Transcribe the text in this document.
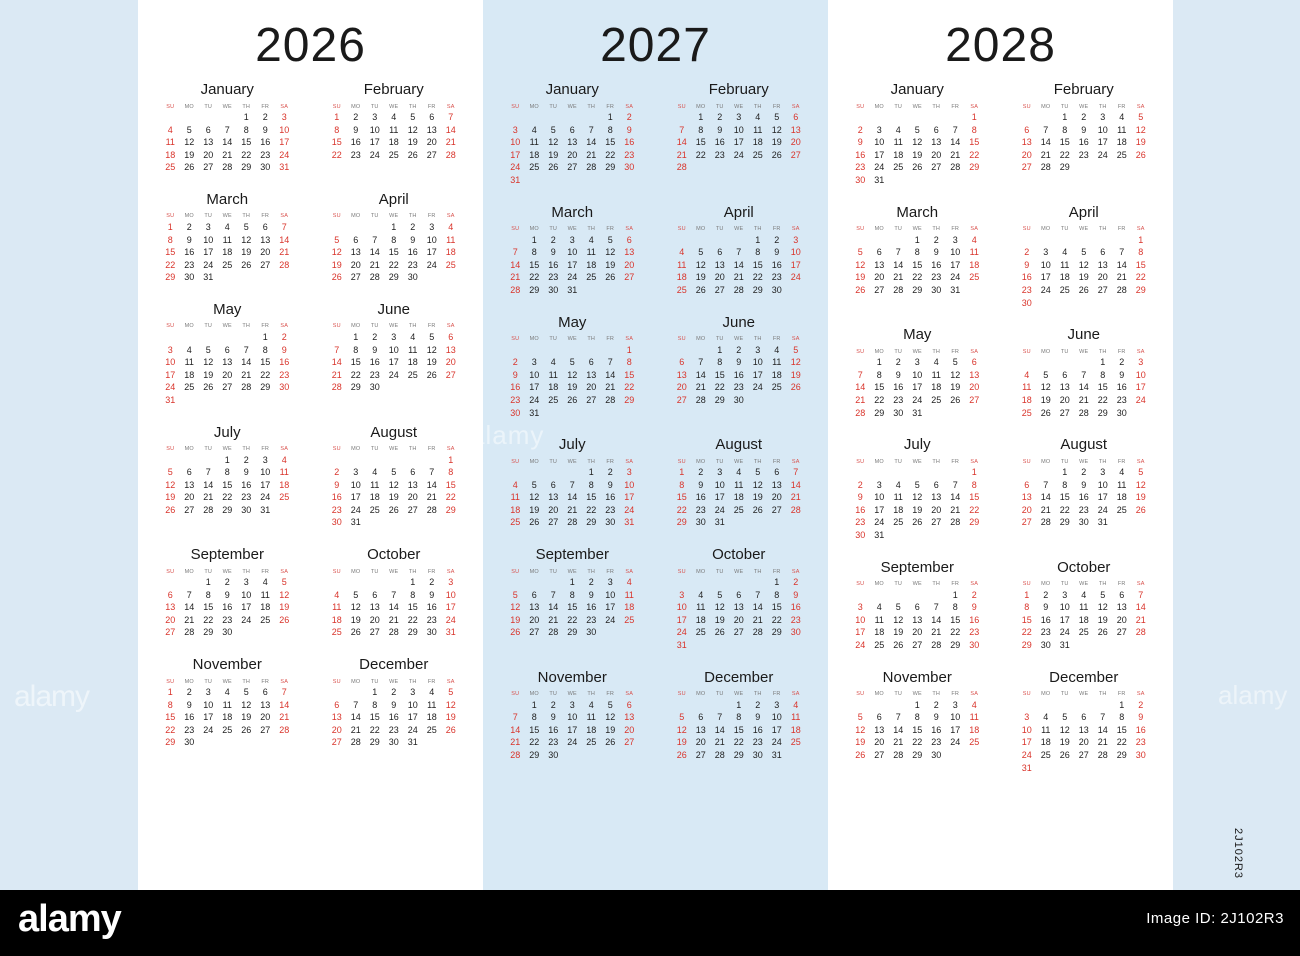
2026
January
SU	MO	TU	WE	TH	FR	SA
				1	2	3
4	5	6	7	8	9	10
11	12	13	14	15	16	17
18	19	20	21	22	23	24
25	26	27	28	29	30	31
February
SU	MO	TU	WE	TH	FR	SA
1	2	3	4	5	6	7
8	9	10	11	12	13	14
15	16	17	18	19	20	21
22	23	24	25	26	27	28
March
SU	MO	TU	WE	TH	FR	SA
1	2	3	4	5	6	7
8	9	10	11	12	13	14
15	16	17	18	19	20	21
22	23	24	25	26	27	28
29	30	31				
April
SU	MO	TU	WE	TH	FR	SA
			1	2	3	4
5	6	7	8	9	10	11
12	13	14	15	16	17	18
19	20	21	22	23	24	25
26	27	28	29	30		
May
SU	MO	TU	WE	TH	FR	SA
					1	2
3	4	5	6	7	8	9
10	11	12	13	14	15	16
17	18	19	20	21	22	23
24	25	26	27	28	29	30
31						
June
SU	MO	TU	WE	TH	FR	SA
	1	2	3	4	5	6
7	8	9	10	11	12	13
14	15	16	17	18	19	20
21	22	23	24	25	26	27
28	29	30				
July
SU	MO	TU	WE	TH	FR	SA
			1	2	3	4
5	6	7	8	9	10	11
12	13	14	15	16	17	18
19	20	21	22	23	24	25
26	27	28	29	30	31	
August
SU	MO	TU	WE	TH	FR	SA
						1
2	3	4	5	6	7	8
9	10	11	12	13	14	15
16	17	18	19	20	21	22
23	24	25	26	27	28	29
30	31					
September
SU	MO	TU	WE	TH	FR	SA
		1	2	3	4	5
6	7	8	9	10	11	12
13	14	15	16	17	18	19
20	21	22	23	24	25	26
27	28	29	30			
October
SU	MO	TU	WE	TH	FR	SA
				1	2	3
4	5	6	7	8	9	10
11	12	13	14	15	16	17
18	19	20	21	22	23	24
25	26	27	28	29	30	31
November
SU	MO	TU	WE	TH	FR	SA
1	2	3	4	5	6	7
8	9	10	11	12	13	14
15	16	17	18	19	20	21
22	23	24	25	26	27	28
29	30					
December
SU	MO	TU	WE	TH	FR	SA
		1	2	3	4	5
6	7	8	9	10	11	12
13	14	15	16	17	18	19
20	21	22	23	24	25	26
27	28	29	30	31		
2027
January
SU	MO	TU	WE	TH	FR	SA
					1	2
3	4	5	6	7	8	9
10	11	12	13	14	15	16
17	18	19	20	21	22	23
24	25	26	27	28	29	30
31						
February
SU	MO	TU	WE	TH	FR	SA
	1	2	3	4	5	6
7	8	9	10	11	12	13
14	15	16	17	18	19	20
21	22	23	24	25	26	27
28						
March
SU	MO	TU	WE	TH	FR	SA
	1	2	3	4	5	6
7	8	9	10	11	12	13
14	15	16	17	18	19	20
21	22	23	24	25	26	27
28	29	30	31			
April
SU	MO	TU	WE	TH	FR	SA
				1	2	3
4	5	6	7	8	9	10
11	12	13	14	15	16	17
18	19	20	21	22	23	24
25	26	27	28	29	30	
May
SU	MO	TU	WE	TH	FR	SA
						1
2	3	4	5	6	7	8
9	10	11	12	13	14	15
16	17	18	19	20	21	22
23	24	25	26	27	28	29
30	31					
June
SU	MO	TU	WE	TH	FR	SA
		1	2	3	4	5
6	7	8	9	10	11	12
13	14	15	16	17	18	19
20	21	22	23	24	25	26
27	28	29	30			
July
SU	MO	TU	WE	TH	FR	SA
				1	2	3
4	5	6	7	8	9	10
11	12	13	14	15	16	17
18	19	20	21	22	23	24
25	26	27	28	29	30	31
August
SU	MO	TU	WE	TH	FR	SA
1	2	3	4	5	6	7
8	9	10	11	12	13	14
15	16	17	18	19	20	21
22	23	24	25	26	27	28
29	30	31				
September
SU	MO	TU	WE	TH	FR	SA
			1	2	3	4
5	6	7	8	9	10	11
12	13	14	15	16	17	18
19	20	21	22	23	24	25
26	27	28	29	30		
October
SU	MO	TU	WE	TH	FR	SA
					1	2
3	4	5	6	7	8	9
10	11	12	13	14	15	16
17	18	19	20	21	22	23
24	25	26	27	28	29	30
31						
November
SU	MO	TU	WE	TH	FR	SA
	1	2	3	4	5	6
7	8	9	10	11	12	13
14	15	16	17	18	19	20
21	22	23	24	25	26	27
28	29	30				
December
SU	MO	TU	WE	TH	FR	SA
			1	2	3	4
5	6	7	8	9	10	11
12	13	14	15	16	17	18
19	20	21	22	23	24	25
26	27	28	29	30	31	
2028
January
SU	MO	TU	WE	TH	FR	SA
						1
2	3	4	5	6	7	8
9	10	11	12	13	14	15
16	17	18	19	20	21	22
23	24	25	26	27	28	29
30	31					
February
SU	MO	TU	WE	TH	FR	SA
		1	2	3	4	5
6	7	8	9	10	11	12
13	14	15	16	17	18	19
20	21	22	23	24	25	26
27	28	29				
March
SU	MO	TU	WE	TH	FR	SA
			1	2	3	4
5	6	7	8	9	10	11
12	13	14	15	16	17	18
19	20	21	22	23	24	25
26	27	28	29	30	31	
April
SU	MO	TU	WE	TH	FR	SA
						1
2	3	4	5	6	7	8
9	10	11	12	13	14	15
16	17	18	19	20	21	22
23	24	25	26	27	28	29
30						
May
SU	MO	TU	WE	TH	FR	SA
	1	2	3	4	5	6
7	8	9	10	11	12	13
14	15	16	17	18	19	20
21	22	23	24	25	26	27
28	29	30	31			
June
SU	MO	TU	WE	TH	FR	SA
				1	2	3
4	5	6	7	8	9	10
11	12	13	14	15	16	17
18	19	20	21	22	23	24
25	26	27	28	29	30	
July
SU	MO	TU	WE	TH	FR	SA
						1
2	3	4	5	6	7	8
9	10	11	12	13	14	15
16	17	18	19	20	21	22
23	24	25	26	27	28	29
30	31					
August
SU	MO	TU	WE	TH	FR	SA
		1	2	3	4	5
6	7	8	9	10	11	12
13	14	15	16	17	18	19
20	21	22	23	24	25	26
27	28	29	30	31		
September
SU	MO	TU	WE	TH	FR	SA
					1	2
3	4	5	6	7	8	9
10	11	12	13	14	15	16
17	18	19	20	21	22	23
24	25	26	27	28	29	30
October
SU	MO	TU	WE	TH	FR	SA
1	2	3	4	5	6	7
8	9	10	11	12	13	14
15	16	17	18	19	20	21
22	23	24	25	26	27	28
29	30	31				
November
SU	MO	TU	WE	TH	FR	SA
			1	2	3	4
5	6	7	8	9	10	11
12	13	14	15	16	17	18
19	20	21	22	23	24	25
26	27	28	29	30		
December
SU	MO	TU	WE	TH	FR	SA
					1	2
3	4	5	6	7	8	9
10	11	12	13	14	15	16
17	18	19	20	21	22	23
24	25	26	27	28	29	30
31						
alamy
alamy
alamy
alamy	Image ID: 2J102R3
2J102R3
